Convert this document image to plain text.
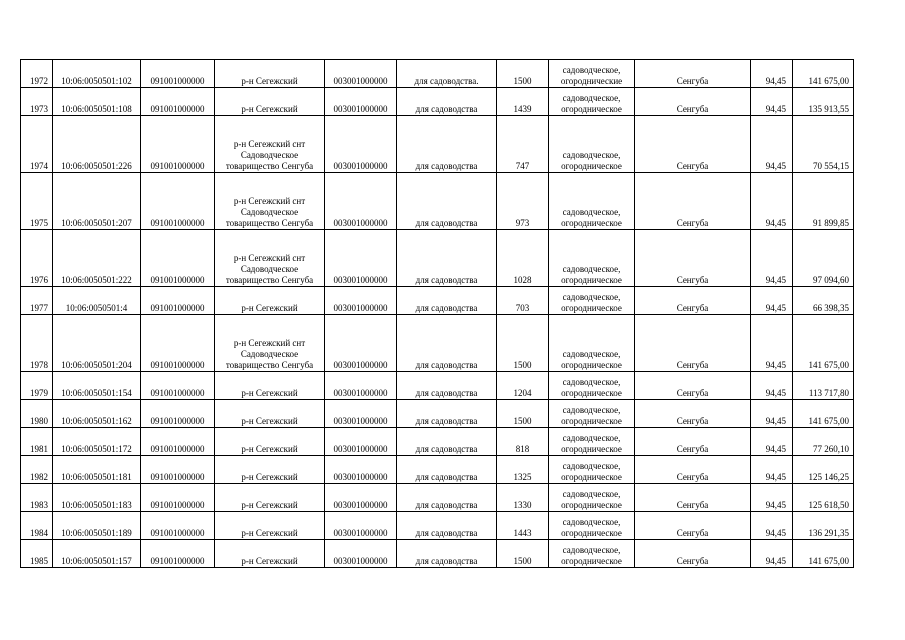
1972	10:06:0050501:102	091001000000	р-н Сегежский	003001000000	для садоводства.	1500	садоводческое, огороднические	Сенгуба	94,45	141 675,00
1973	10:06:0050501:108	091001000000	р-н Сегежский	003001000000	для садоводства	1439	садоводческое, огородническое	Сенгуба	94,45	135 913,55
1974	10:06:0050501:226	091001000000	р-н Сегежский снт Садоводческое товарищество Сенгуба	003001000000	для садоводства	747	садоводческое, огородническое	Сенгуба	94,45	70 554,15
1975	10:06:0050501:207	091001000000	р-н Сегежский снт Садоводческое товарищество Сенгуба	003001000000	для садоводства	973	садоводческое, огородническое	Сенгуба	94,45	91 899,85
1976	10:06:0050501:222	091001000000	р-н Сегежский снт Садоводческое товарищество Сенгуба	003001000000	для садоводства	1028	садоводческое, огородническое	Сенгуба	94,45	97 094,60
1977	10:06:0050501:4	091001000000	р-н Сегежский	003001000000	для садоводства	703	садоводческое, огородническое	Сенгуба	94,45	66 398,35
1978	10:06:0050501:204	091001000000	р-н Сегежский снт Садоводческое товарищество Сенгуба	003001000000	для садоводства	1500	садоводческое, огородническое	Сенгуба	94,45	141 675,00
1979	10:06:0050501:154	091001000000	р-н Сегежский	003001000000	для садоводства	1204	садоводческое, огородническое	Сенгуба	94,45	113 717,80
1980	10:06:0050501:162	091001000000	р-н Сегежский	003001000000	для садоводства	1500	садоводческое, огородническое	Сенгуба	94,45	141 675,00
1981	10:06:0050501:172	091001000000	р-н Сегежский	003001000000	для садоводства	818	садоводческое, огородническое	Сенгуба	94,45	77 260,10
1982	10:06:0050501:181	091001000000	р-н Сегежский	003001000000	для садоводства	1325	садоводческое, огородническое	Сенгуба	94,45	125 146,25
1983	10:06:0050501:183	091001000000	р-н Сегежский	003001000000	для садоводства	1330	садоводческое, огородническое	Сенгуба	94,45	125 618,50
1984	10:06:0050501:189	091001000000	р-н Сегежский	003001000000	для садоводства	1443	садоводческое, огородническое	Сенгуба	94,45	136 291,35
1985	10:06:0050501:157	091001000000	р-н Сегежский	003001000000	для садоводства	1500	садоводческое, огородническое	Сенгуба	94,45	141 675,00
